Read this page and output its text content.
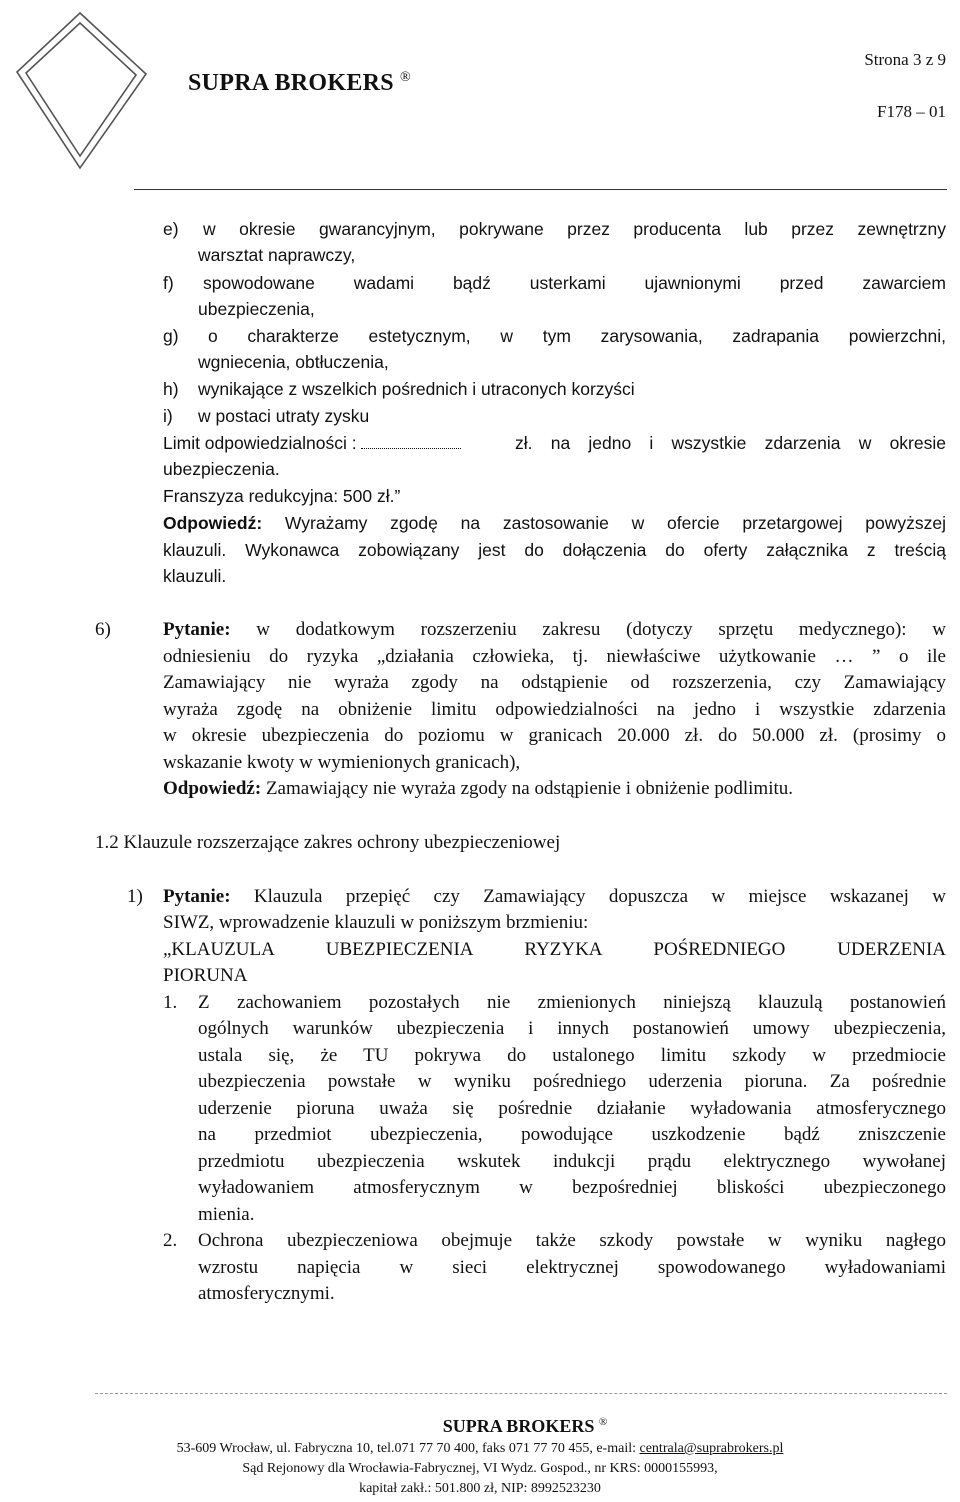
SUPRA BROKERS ®
Strona 3 z 9
F178 – 01
e) w okresie gwarancyjnym, pokrywane przez producenta lub przez zewnętrzny
warsztat naprawczy,
f) spowodowane wadami bądź usterkami ujawnionymi przed zawarciem
ubezpieczenia,
g) o charakterze estetycznym, w tym zarysowania, zadrapania powierzchni,
wgniecenia, obtłuczenia,
h) wynikające z wszelkich pośrednich i utraconych korzyści
i) w postaci utraty zysku
Limit odpowiedzialności :	zł. na jedno i wszystkie zdarzenia w okresie
ubezpieczenia.
Franszyza redukcyjna: 500 zł.”
Odpowiedź: Wyrażamy zgodę na zastosowanie w ofercie przetargowej powyższej
klauzuli. Wykonawca zobowiązany jest do dołączenia do oferty załącznika z treścią
klauzuli.
6)	Pytanie: w dodatkowym rozszerzeniu zakresu (dotyczy sprzętu medycznego): w
odniesieniu do ryzyka „działania człowieka, tj. niewłaściwe użytkowanie … ” o ile
Zamawiający nie wyraża zgody na odstąpienie od rozszerzenia, czy Zamawiający
wyraża zgodę na obniżenie limitu odpowiedzialności na jedno i wszystkie zdarzenia
w okresie ubezpieczenia do poziomu w granicach 20.000 zł. do 50.000 zł. (prosimy o
wskazanie kwoty w wymienionych granicach),
Odpowiedź: Zamawiający nie wyraża zgody na odstąpienie i obniżenie podlimitu.
1.2 Klauzule rozszerzające zakres ochrony ubezpieczeniowej
1) Pytanie: Klauzula przepięć czy Zamawiający dopuszcza w miejsce wskazanej w
SIWZ, wprowadzenie klauzuli w poniższym brzmieniu:
„KLAUZULA UBEZPIECZENIA RYZYKA POŚREDNIEGO UDERZENIA
PIORUNA
1. Z zachowaniem pozostałych nie zmienionych niniejszą klauzulą postanowień
ogólnych warunków ubezpieczenia i innych postanowień umowy ubezpieczenia,
ustala się, że TU pokrywa do ustalonego limitu szkody w przedmiocie
ubezpieczenia powstałe w wyniku pośredniego uderzenia pioruna. Za pośrednie
uderzenie pioruna uważa się pośrednie działanie wyładowania atmosferycznego
na przedmiot ubezpieczenia, powodujące uszkodzenie bądź zniszczenie
przedmiotu ubezpieczenia wskutek indukcji prądu elektrycznego wywołanej
wyładowaniem atmosferycznym w bezpośredniej bliskości ubezpieczonego
mienia.
2. Ochrona ubezpieczeniowa obejmuje także szkody powstałe w wyniku nagłego
wzrostu napięcia w sieci elektrycznej spowodowanego wyładowaniami
atmosferycznymi.
SUPRA BROKERS ®
53-609 Wrocław, ul. Fabryczna 10, tel.071 77 70 400, faks 071 77 70 455, e-mail: centrala@suprabrokers.pl
Sąd Rejonowy dla Wrocławia-Fabrycznej, VI Wydz. Gospod., nr KRS: 0000155993,
kapitał zakł.: 501.800 zł, NIP: 8992523230
